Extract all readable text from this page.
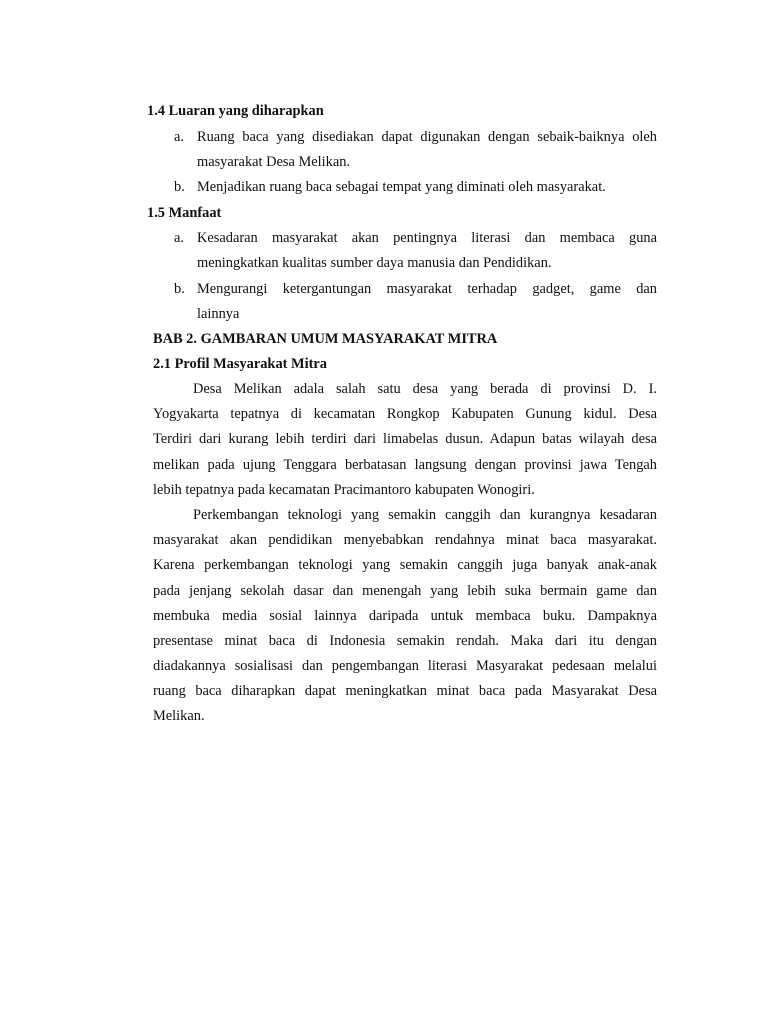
1.4 Luaran yang diharapkan
a. Ruang baca yang disediakan dapat digunakan dengan sebaik-baiknya oleh
masyarakat Desa Melikan.
b. Menjadikan ruang baca sebagai tempat yang diminati oleh masyarakat.
1.5 Manfaat
a. Kesadaran masyarakat akan pentingnya literasi dan membaca guna
meningkatkan kualitas sumber daya manusia dan Pendidikan.
b. Mengurangi ketergantungan masyarakat terhadap gadget, game dan
lainnya
BAB 2. GAMBARAN UMUM MASYARAKAT MITRA
2.1 Profil Masyarakat Mitra
Desa Melikan adala salah satu desa yang berada di provinsi D. I.
Yogyakarta tepatnya di kecamatan Rongkop Kabupaten Gunung kidul. Desa
Terdiri dari kurang lebih terdiri dari limabelas dusun. Adapun batas wilayah desa
melikan pada ujung Tenggara berbatasan langsung dengan provinsi jawa Tengah
lebih tepatnya pada kecamatan Pracimantoro kabupaten Wonogiri.
Perkembangan teknologi yang semakin canggih dan kurangnya kesadaran
masyarakat akan pendidikan menyebabkan rendahnya minat baca masyarakat.
Karena perkembangan teknologi yang semakin canggih juga banyak anak-anak
pada jenjang sekolah dasar dan menengah yang lebih suka bermain game dan
membuka media sosial lainnya daripada untuk membaca buku. Dampaknya
presentase minat baca di Indonesia semakin rendah. Maka dari itu dengan
diadakannya sosialisasi dan pengembangan literasi Masyarakat pedesaan melalui
ruang baca diharapkan dapat meningkatkan minat baca pada Masyarakat Desa
Melikan.
